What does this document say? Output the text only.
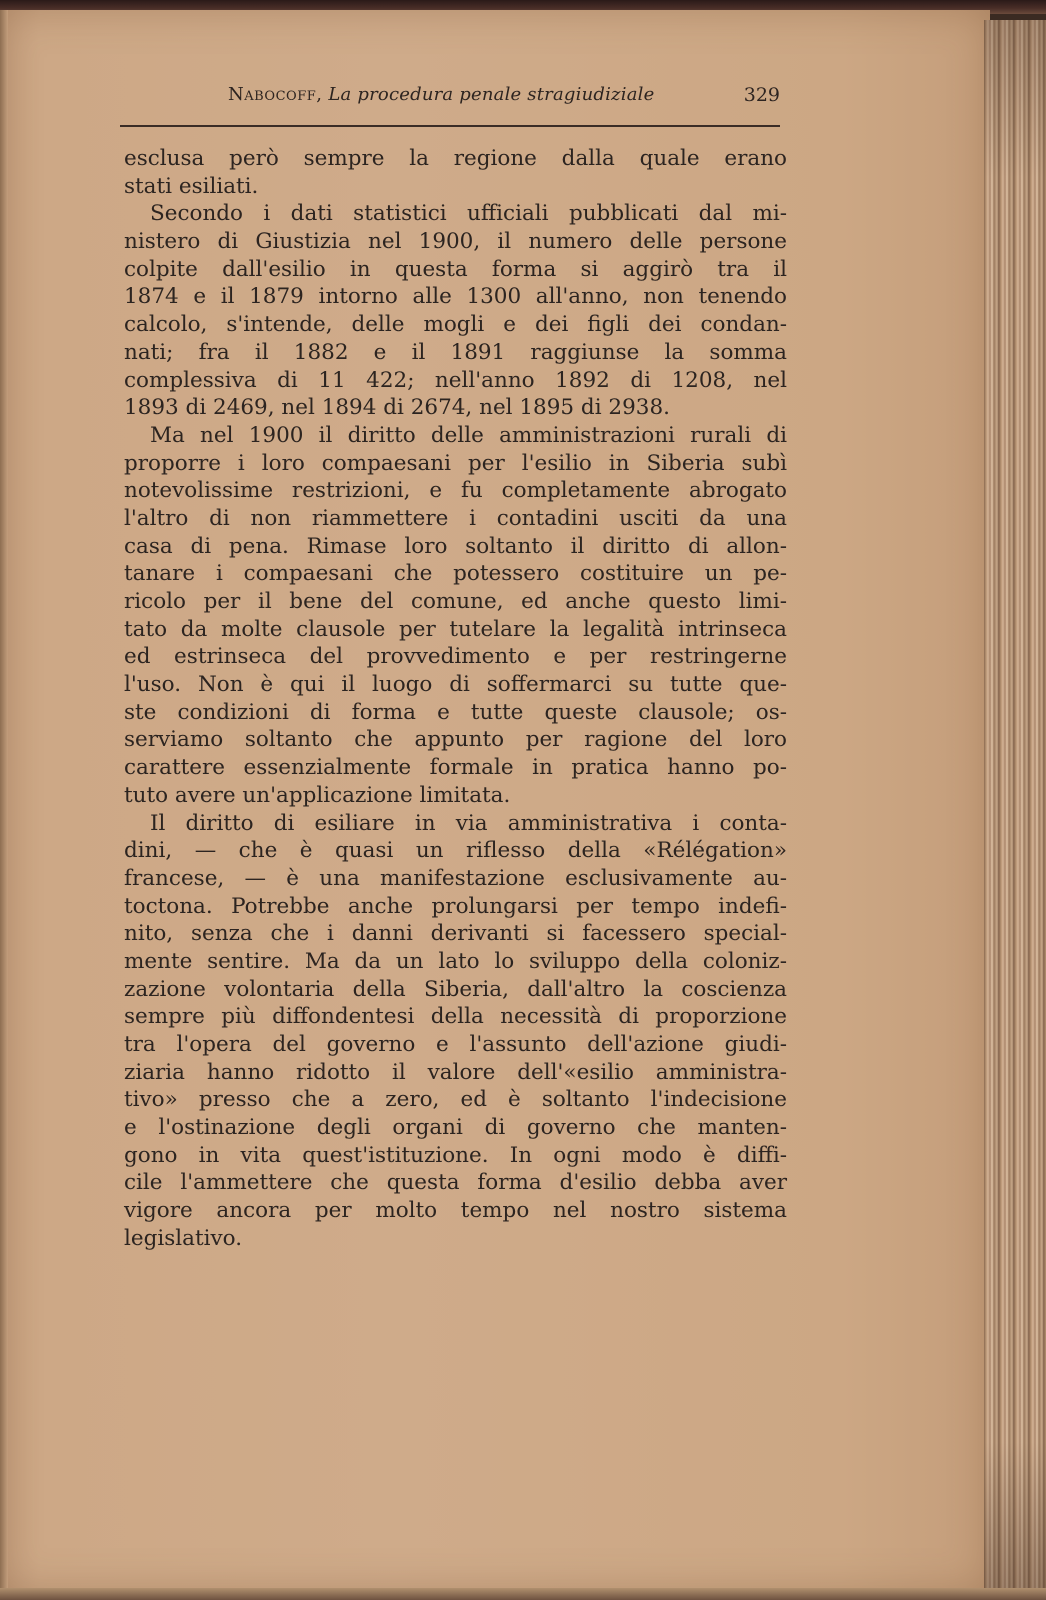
Nabocoff, La procedura penale stragiudiziale	329
esclusa però sempre la regione dalla quale erano
stati esiliati.
Secondo i dati statistici ufficiali pubblicati dal mi-
nistero di Giustizia nel 1900, il numero delle persone
colpite dall'esilio in questa forma si aggirò tra il
1874 e il 1879 intorno alle 1300 all'anno, non tenendo
calcolo, s'intende, delle mogli e dei figli dei condan-
nati; fra il 1882 e il 1891 raggiunse la somma
complessiva di 11 422; nell'anno 1892 di 1208, nel
1893 di 2469, nel 1894 di 2674, nel 1895 di 2938.
Ma nel 1900 il diritto delle amministrazioni rurali di
proporre i loro compaesani per l'esilio in Siberia subì
notevolissime restrizioni, e fu completamente abrogato
l'altro di non riammettere i contadini usciti da una
casa di pena. Rimase loro soltanto il diritto di allon-
tanare i compaesani che potessero costituire un pe-
ricolo per il bene del comune, ed anche questo limi-
tato da molte clausole per tutelare la legalità intrinseca
ed estrinseca del provvedimento e per restringerne
l'uso. Non è qui il luogo di soffermarci su tutte que-
ste condizioni di forma e tutte queste clausole; os-
serviamo soltanto che appunto per ragione del loro
carattere essenzialmente formale in pratica hanno po-
tuto avere un'applicazione limitata.
Il diritto di esiliare in via amministrativa i conta-
dini, — che è quasi un riflesso della «Rélégation»
francese, — è una manifestazione esclusivamente au-
toctona. Potrebbe anche prolungarsi per tempo indefi-
nito, senza che i danni derivanti si facessero special-
mente sentire. Ma da un lato lo sviluppo della coloniz-
zazione volontaria della Siberia, dall'altro la coscienza
sempre più diffondentesi della necessità di proporzione
tra l'opera del governo e l'assunto dell'azione giudi-
ziaria hanno ridotto il valore dell'«esilio amministra-
tivo» presso che a zero, ed è soltanto l'indecisione
e l'ostinazione degli organi di governo che manten-
gono in vita quest'istituzione. In ogni modo è diffi-
cile l'ammettere che questa forma d'esilio debba aver
vigore ancora per molto tempo nel nostro sistema
legislativo.
